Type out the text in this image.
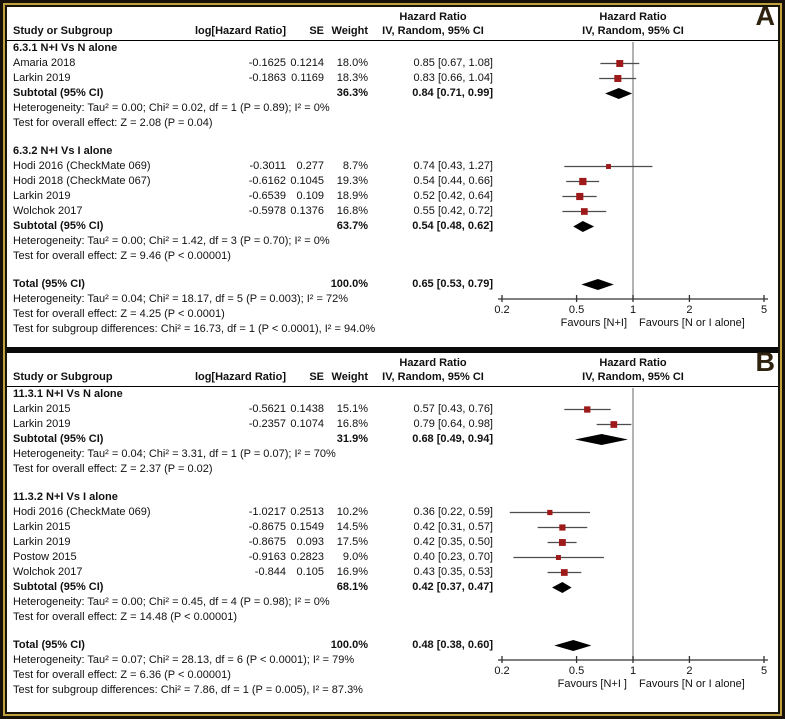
A
Hazard Ratio	Hazard Ratio
Study or Subgroup	log[Hazard Ratio]	SE Weight	IV, Random, 95% CI	IV, Random, 95% CI
6.3.1 N+I Vs N alone
Amaria 2018	-0.1625 0.1214	18.0%	0.85 [0.67, 1.08]
Larkin 2019	-0.1863 0.1169	18.3%	0.83 [0.66, 1.04]
Subtotal (95% CI)	36.3%	0.84 [0.71, 0.99]
Heterogeneity: Tau² = 0.00; Chi² = 0.02, df = 1 (P = 0.89); I² = 0%
Test for overall effect: Z = 2.08 (P = 0.04)
6.3.2 N+I Vs I alone
Hodi 2016 (CheckMate 069)	-0.3011 0.277	8.7%	0.74 [0.43, 1.27]
Hodi 2018 (CheckMate 067)	-0.6162 0.1045	19.3%	0.54 [0.44, 0.66]
Larkin 2019	-0.6539 0.109	18.9%	0.52 [0.42, 0.64]
Wolchok 2017	-0.5978 0.1376	16.8%	0.55 [0.42, 0.72]
Subtotal (95% CI)	63.7%	0.54 [0.48, 0.62]
Heterogeneity: Tau² = 0.00; Chi² = 1.42, df = 3 (P = 0.70); I² = 0%
Test for overall effect: Z = 9.46 (P < 0.00001)
Total (95% CI)	100.0%	0.65 [0.53, 0.79]
Heterogeneity: Tau² = 0.04; Chi² = 18.17, df = 5 (P = 0.003); I² = 72%
Test for overall effect: Z = 4.25 (P < 0.0001)
Test for subgroup differences: Chi² = 16.73, df = 1 (P < 0.0001), I² = 94.0%
0.2	0.5	1	2	5
Favours [N+I] Favours [N or I alone]
B
Hazard Ratio	Hazard Ratio
Study or Subgroup	log[Hazard Ratio]	SE Weight	IV, Random, 95% CI	IV, Random, 95% CI
11.3.1 N+I Vs N alone
Larkin 2015	-0.5621 0.1438	15.1%	0.57 [0.43, 0.76]
Larkin 2019	-0.2357 0.1074	16.8%	0.79 [0.64, 0.98]
Subtotal (95% CI)	31.9%	0.68 [0.49, 0.94]
Heterogeneity: Tau² = 0.04; Chi² = 3.31, df = 1 (P = 0.07); I² = 70%
Test for overall effect: Z = 2.37 (P = 0.02)
11.3.2 N+I Vs I alone
Hodi 2016 (CheckMate 069)	-1.0217 0.2513	10.2%	0.36 [0.22, 0.59]
Larkin 2015	-0.8675 0.1549	14.5%	0.42 [0.31, 0.57]
Larkin 2019	-0.8675 0.093	17.5%	0.42 [0.35, 0.50]
Postow 2015	-0.9163 0.2823	9.0%	0.40 [0.23, 0.70]
Wolchok 2017	-0.844 0.105	16.9%	0.43 [0.35, 0.53]
Subtotal (95% CI)	68.1%	0.42 [0.37, 0.47]
Heterogeneity: Tau² = 0.00; Chi² = 0.45, df = 4 (P = 0.98); I² = 0%
Test for overall effect: Z = 14.48 (P < 0.00001)
Total (95% CI)	100.0%	0.48 [0.38, 0.60]
Heterogeneity: Tau² = 0.07; Chi² = 28.13, df = 6 (P < 0.0001); I² = 79%
Test for overall effect: Z = 6.36 (P < 0.00001)
Test for subgroup differences: Chi² = 7.86, df = 1 (P = 0.005), I² = 87.3%
0.2	0.5	1	2	5
Favours [N+I ] Favours [N or I alone]
